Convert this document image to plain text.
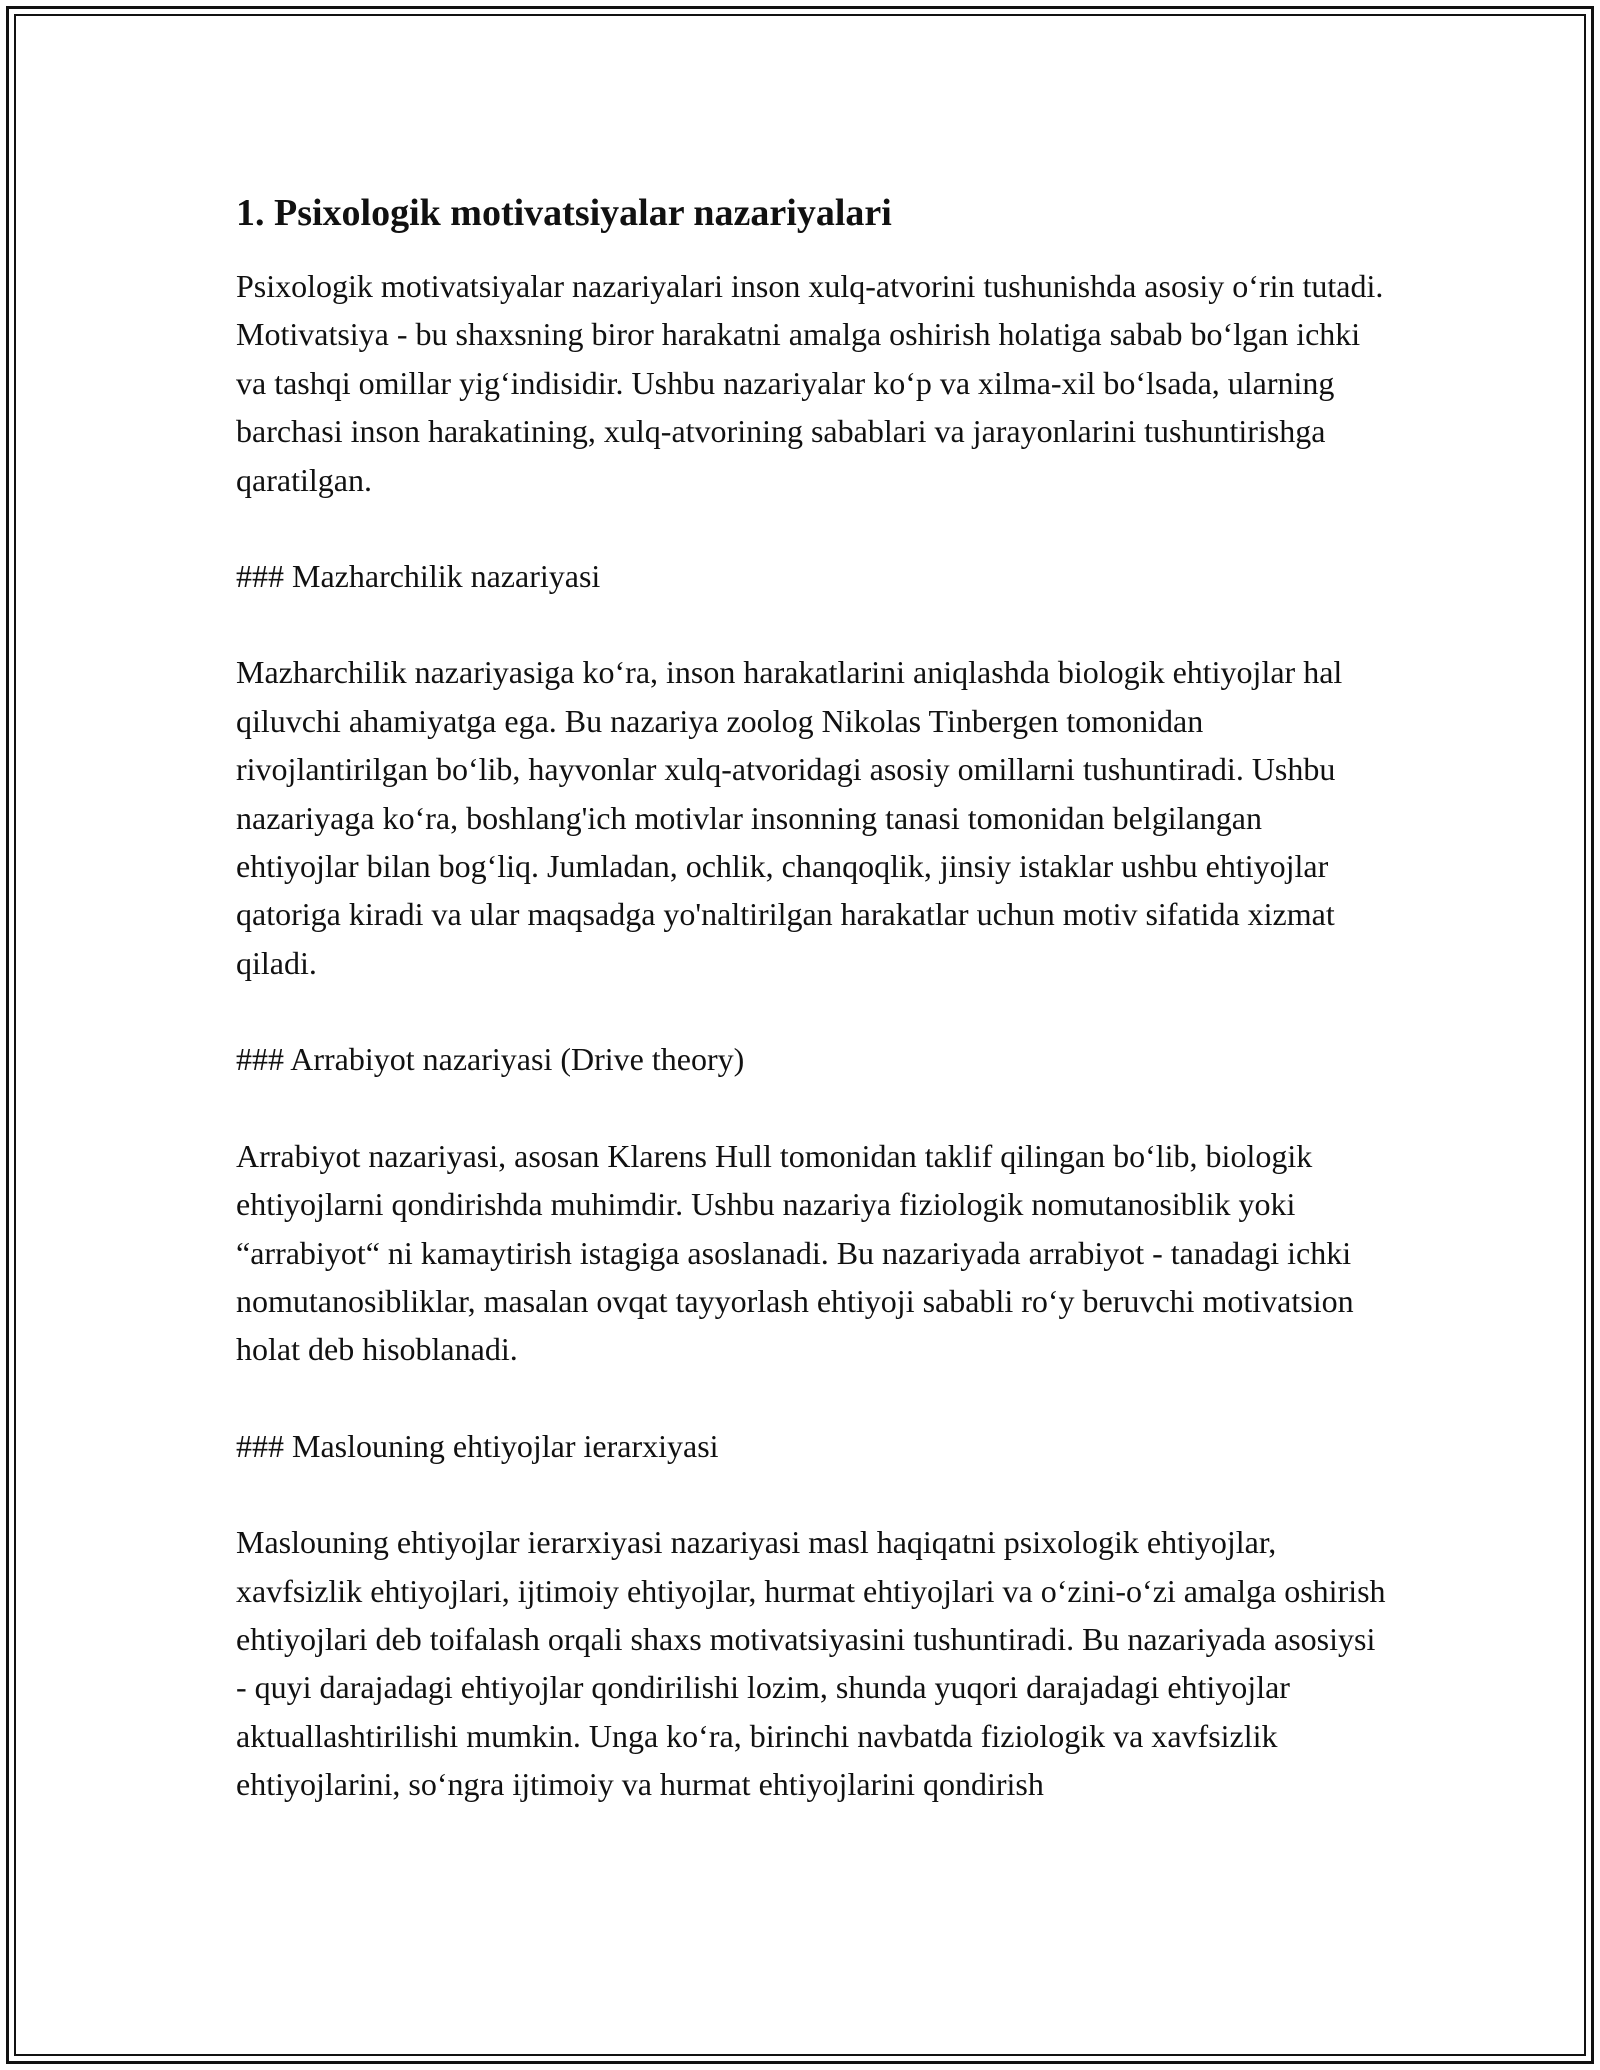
1. Psixologik motivatsiyalar nazariyalari

Psixologik motivatsiyalar nazariyalari inson xulq-atvorini tushunishda asosiy o‘rin tutadi. Motivatsiya - bu shaxsning biror harakatni amalga oshirish holatiga sabab bo‘lgan ichki va tashqi omillar yig‘indisidir. Ushbu nazariyalar ko‘p va xilma-xil bo‘lsada, ularning barchasi inson harakatining, xulq-atvorining sabablari va jarayonlarini tushuntirishga qaratilgan.

### Mazharchilik nazariyasi

Mazharchilik nazariyasiga ko‘ra, inson harakatlarini aniqlashda biologik ehtiyojlar hal qiluvchi ahamiyatga ega. Bu nazariya zoolog Nikolas Tinbergen tomonidan rivojlantirilgan bo‘lib, hayvonlar xulq-atvoridagi asosiy omillarni tushuntiradi. Ushbu nazariyaga ko‘ra, boshlang'ich motivlar insonning tanasi tomonidan belgilangan ehtiyojlar bilan bog‘liq. Jumladan, ochlik, chanqoqlik, jinsiy istaklar ushbu ehtiyojlar qatoriga kiradi va ular maqsadga yo'naltirilgan harakatlar uchun motiv sifatida xizmat qiladi.

### Arrabiyot nazariyasi (Drive theory)

Arrabiyot nazariyasi, asosan Klarens Hull tomonidan taklif qilingan bo‘lib, biologik ehtiyojlarni qondirishda muhimdir. Ushbu nazariya fiziologik nomutanosiblik yoki “arrabiyot“ ni kamaytirish istagiga asoslanadi. Bu nazariyada arrabiyot - tanadagi ichki nomutanosibliklar, masalan ovqat tayyorlash ehtiyoji sababli ro‘y beruvchi motivatsion holat deb hisoblanadi.

### Maslouning ehtiyojlar ierarxiyasi

Maslouning ehtiyojlar ierarxiyasi nazariyasi masl haqiqatni psixologik ehtiyojlar, xavfsizlik ehtiyojlari, ijtimoiy ehtiyojlar, hurmat ehtiyojlari va o‘zini-o‘zi amalga oshirish ehtiyojlari deb toifalash orqali shaxs motivatsiyasini tushuntiradi. Bu nazariyada asosiysi - quyi darajadagi ehtiyojlar qondirilishi lozim, shunda yuqori darajadagi ehtiyojlar aktuallashtirilishi mumkin. Unga ko‘ra, birinchi navbatda fiziologik va xavfsizlik ehtiyojlarini, so‘ngra ijtimoiy va hurmat ehtiyojlarini qondirish
